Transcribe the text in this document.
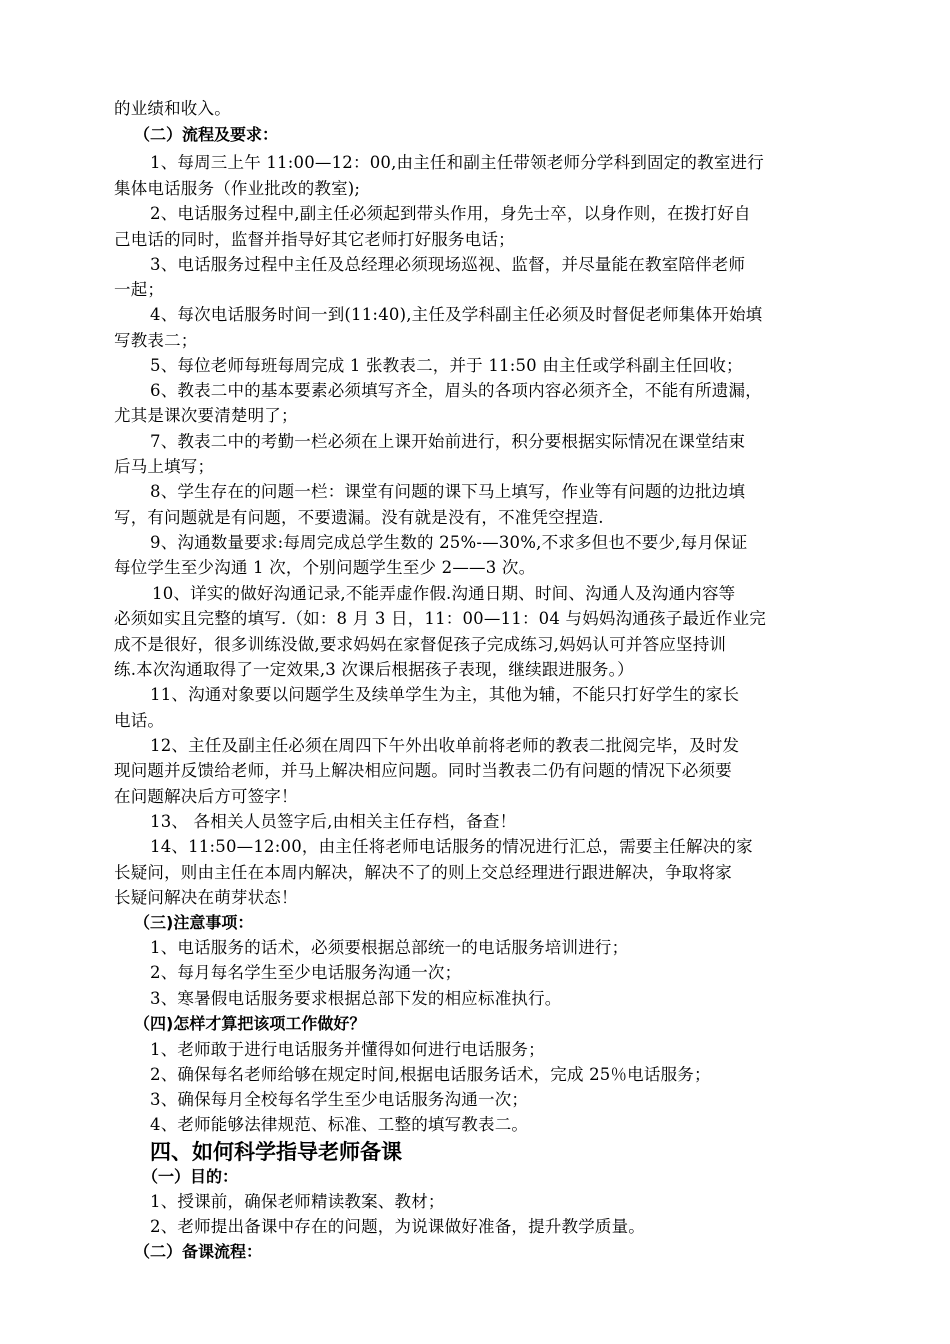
的业绩和收入。
（二）流程及要求：
1、每周三上午 11:00—12：00,由主任和副主任带领老师分学科到固定的教室进行
集体电话服务（作业批改的教室);
2、电话服务过程中,副主任必须起到带头作用，身先士卒，以身作则，在拨打好自
己电话的同时，监督并指导好其它老师打好服务电话；
3、电话服务过程中主任及总经理必须现场巡视、监督，并尽量能在教室陪伴老师
一起；
4、每次电话服务时间一到(11:40),主任及学科副主任必须及时督促老师集体开始填
写教表二；
5、每位老师每班每周完成 1 张教表二，并于 11:50 由主任或学科副主任回收；
6、教表二中的基本要素必须填写齐全，眉头的各项内容必须齐全，不能有所遗漏，
尤其是课次要清楚明了；
7、教表二中的考勤一栏必须在上课开始前进行，积分要根据实际情况在课堂结束
后马上填写；
8、学生存在的问题一栏：课堂有问题的课下马上填写，作业等有问题的边批边填
写，有问题就是有问题，不要遗漏。没有就是没有，不准凭空捏造.
9、沟通数量要求:每周完成总学生数的 25%-—30%,不求多但也不要少,每月保证
每位学生至少沟通 1 次，个别问题学生至少 2——3 次。
10、详实的做好沟通记录,不能弄虚作假.沟通日期、时间、沟通人及沟通内容等
必须如实且完整的填写.（如：8 月 3 日，11：00—11：04 与妈妈沟通孩子最近作业完
成不是很好，很多训练没做,要求妈妈在家督促孩子完成练习,妈妈认可并答应坚持训
练.本次沟通取得了一定效果,3 次课后根据孩子表现，继续跟进服务。）
11、沟通对象要以问题学生及续单学生为主，其他为辅，不能只打好学生的家长
电话。
12、主任及副主任必须在周四下午外出收单前将老师的教表二批阅完毕，及时发
现问题并反馈给老师，并马上解决相应问题。同时当教表二仍有问题的情况下必须要
在问题解决后方可签字！
13、 各相关人员签字后,由相关主任存档，备查！
14、11:50—12:00，由主任将老师电话服务的情况进行汇总，需要主任解决的家
长疑问，则由主任在本周内解决，解决不了的则上交总经理进行跟进解决，争取将家
长疑问解决在萌芽状态！
（三)注意事项：
1、电话服务的话术，必须要根据总部统一的电话服务培训进行；
2、每月每名学生至少电话服务沟通一次；
3、寒暑假电话服务要求根据总部下发的相应标准执行。
（四)怎样才算把该项工作做好？
1、老师敢于进行电话服务并懂得如何进行电话服务；
2、确保每名老师给够在规定时间,根据电话服务话术，完成 25％电话服务；
3、确保每月全校每名学生至少电话服务沟通一次；
4、老师能够法律规范、标准、工整的填写教表二。
四、如何科学指导老师备课
（一）目的：
1、授课前，确保老师精读教案、教材；
2、老师提出备课中存在的问题，为说课做好准备，提升教学质量。
（二）备课流程：
